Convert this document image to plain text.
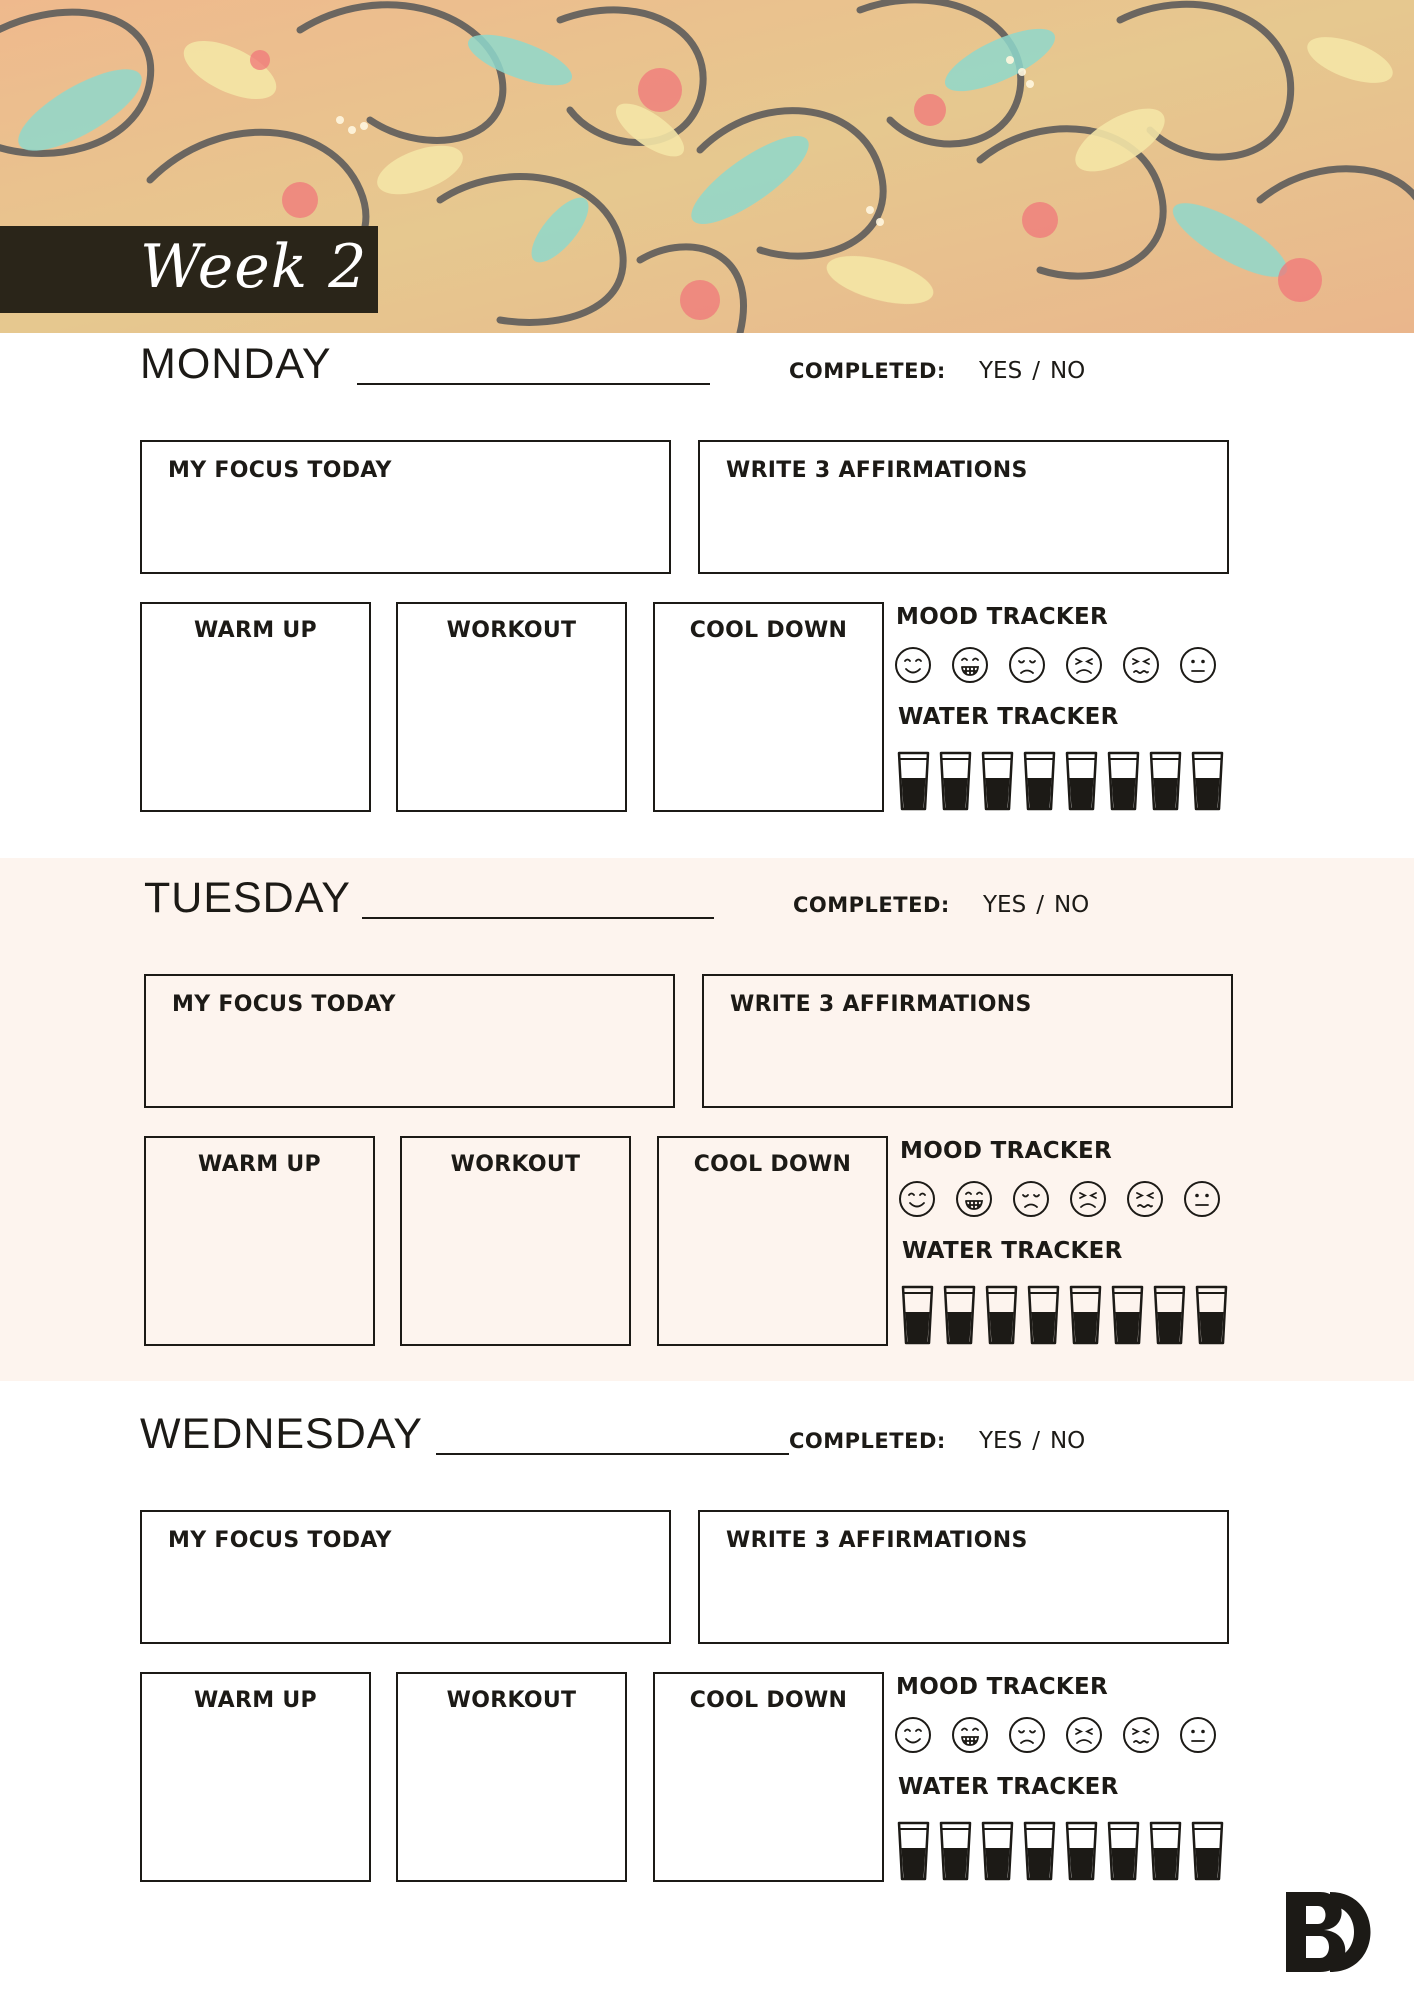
Week 2
MONDAY	COMPLETED: YES / NO
MY FOCUS TODAY	WRITE 3 AFFIRMATIONS
WARM UP	WORKOUT	COOL DOWN
MOOD TRACKER
WATER TRACKER
TUESDAY	COMPLETED: YES / NO
MY FOCUS TODAY	WRITE 3 AFFIRMATIONS
WARM UP	WORKOUT	COOL DOWN
MOOD TRACKER
WATER TRACKER
WEDNESDAY	COMPLETED: YES / NO
MY FOCUS TODAY	WRITE 3 AFFIRMATIONS
WARM UP	WORKOUT	COOL DOWN
MOOD TRACKER
WATER TRACKER
